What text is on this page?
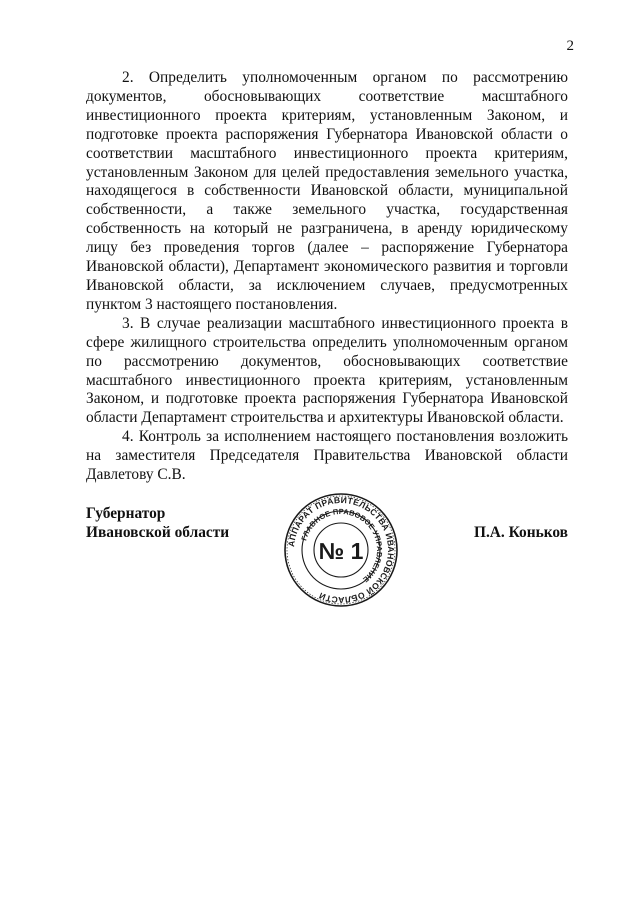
2

2. Определить уполномоченным органом по рассмотрению документов, обосновывающих соответствие масштабного инвестиционного проекта критериям, установленным Законом, и подготовке проекта распоряжения Губернатора Ивановской области о соответствии масштабного инвестиционного проекта критериям, установленным Законом для целей предоставления земельного участка, находящегося в собственности Ивановской области, муниципальной собственности, а также земельного участка, государственная собственность на который не разграничена, в аренду юридическому лицу без проведения торгов (далее – распоряжение Губернатора Ивановской области), Департамент экономического развития и торговли Ивановской области, за исключением случаев, предусмотренных пунктом 3 настоящего постановления.

3. В случае реализации масштабного инвестиционного проекта в сфере жилищного строительства определить уполномоченным органом по рассмотрению документов, обосновывающих соответствие масштабного инвестиционного проекта критериям, установленным Законом, и подготовке проекта распоряжения Губернатора Ивановской области Департамент строительства и архитектуры Ивановской области.

4. Контроль за исполнением настоящего постановления возложить на заместителя Председателя Правительства Ивановской области Давлетову С.В.

Губернатор
Ивановской области
АППАРАТ ПРАВИТЕЛЬСТВА ИВАНОВСКОЙ ОБЛАСТИ
ГЛАВНОЕ ПРАВОВОЕ УПРАВЛЕНИЕ
№ 1
П.А. Коньков
